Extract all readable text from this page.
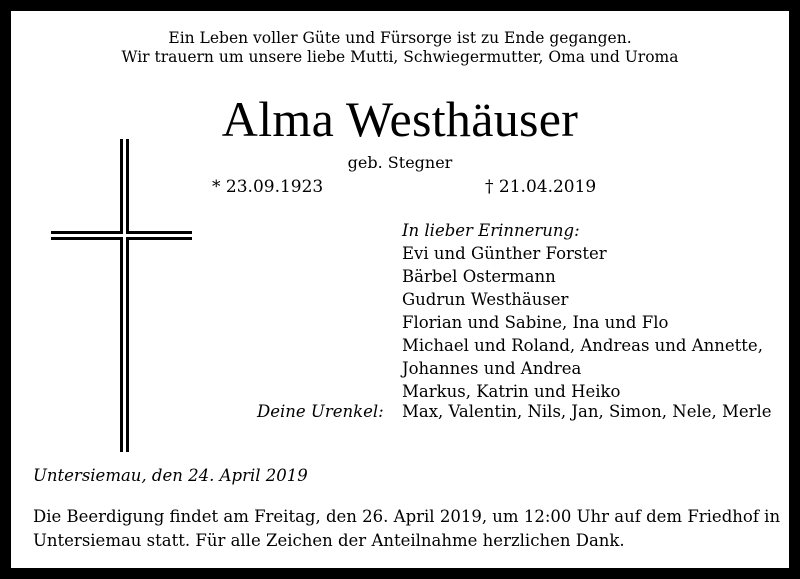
Ein Leben voller Güte und Fürsorge ist zu Ende gegangen.
Wir trauern um unsere liebe Mutti, Schwiegermutter, Oma und Uroma
Alma Westhäuser
geb. Stegner
* 23.09.1923	† 21.04.2019
In lieber Erinnerung:
Evi und Günther Forster
Bärbel Ostermann
Gudrun Westhäuser
Florian und Sabine, Ina und Flo
Michael und Roland, Andreas und Annette,
Johannes und Andrea
Markus, Katrin und Heiko
Deine Urenkel: Max, Valentin, Nils, Jan, Simon, Nele, Merle
Untersiemau, den 24. April 2019
Die Beerdigung findet am Freitag, den 26. April 2019, um 12:00 Uhr auf dem Friedhof in
Untersiemau statt. Für alle Zeichen der Anteilnahme herzlichen Dank.
